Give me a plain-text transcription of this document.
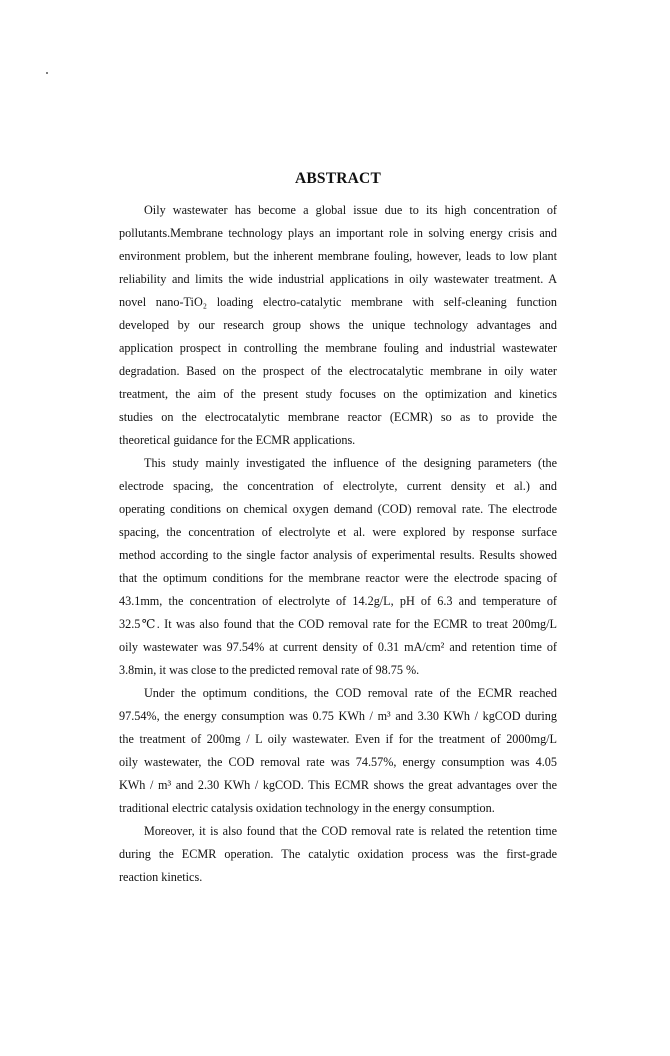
ABSTRACT

Oily wastewater has become a global issue due to its high concentration of
pollutants.Membrane technology plays an important role in solving energy crisis and
environment problem, but the inherent membrane fouling, however, leads to low plant
reliability and limits the wide industrial applications in oily wastewater treatment. A
novel nano-TiO₂ loading electro-catalytic membrane with self-cleaning function
developed by our research group shows the unique technology advantages and
application prospect in controlling the membrane fouling and industrial wastewater
degradation. Based on the prospect of the electrocatalytic membrane in oily water
treatment, the aim of the present study focuses on the optimization and kinetics
studies on the electrocatalytic membrane reactor (ECMR) so as to provide the
theoretical guidance for the ECMR applications.

This study mainly investigated the influence of the designing parameters (the
electrode spacing, the concentration of electrolyte, current density et al.) and
operating conditions on chemical oxygen demand (COD) removal rate. The electrode
spacing, the concentration of electrolyte et al. were explored by response surface
method according to the single factor analysis of experimental results. Results showed
that the optimum conditions for the membrane reactor were the electrode spacing of
43.1mm, the concentration of electrolyte of 14.2g/L, pH of 6.3 and temperature of
32.5℃. It was also found that the COD removal rate for the ECMR to treat 200mg/L
oily wastewater was 97.54% at current density of 0.31 mA/cm² and retention time of
3.8min, it was close to the predicted removal rate of 98.75 %.

Under the optimum conditions, the COD removal rate of the ECMR reached
97.54%, the energy consumption was 0.75 KWh / m³ and 3.30 KWh / kgCOD during
the treatment of 200mg / L oily wastewater. Even if for the treatment of 2000mg/L
oily wastewater, the COD removal rate was 74.57%, energy consumption was 4.05
KWh / m³ and 2.30 KWh / kgCOD. This ECMR shows the great advantages over the
traditional electric catalysis oxidation technology in the energy consumption.

Moreover, it is also found that the COD removal rate is related the retention time
during the ECMR operation. The catalytic oxidation process was the first-grade
reaction kinetics.
